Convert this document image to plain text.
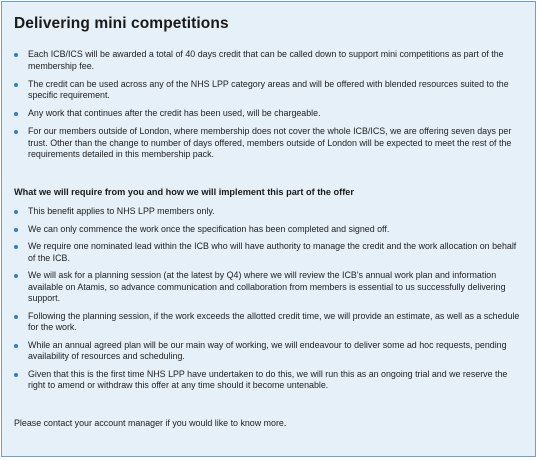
Delivering mini competitions
Each ICB/ICS will be awarded a total of 40 days credit that can be called down to support mini competitions as part of the membership fee.
The credit can be used across any of the NHS LPP category areas and will be offered with blended resources suited to the specific requirement.
Any work that continues after the credit has been used, will be chargeable.
For our members outside of London, where membership does not cover the whole ICB/ICS, we are offering seven days per trust. Other than the change to number of days offered, members outside of London will be expected to meet the rest of the requirements detailed in this membership pack.
What we will require from you and how we will implement this part of the offer
This benefit applies to NHS LPP members only.
We can only commence the work once the specification has been completed and signed off.
We require one nominated lead within the ICB who will have authority to manage the credit and the work allocation on behalf of the ICB.
We will ask for a planning session (at the latest by Q4) where we will review the ICB's annual work plan and information available on Atamis, so advance communication and collaboration from members is essential to us successfully delivering support.
Following the planning session, if the work exceeds the allotted credit time, we will provide an estimate, as well as a schedule for the work.
While an annual agreed plan will be our main way of working, we will endeavour to deliver some ad hoc requests, pending availability of resources and scheduling.
Given that this is the first time NHS LPP have undertaken to do this, we will run this as an ongoing trial and we reserve the right to amend or withdraw this offer at any time should it become untenable.

Please contact your account manager if you would like to know more.
